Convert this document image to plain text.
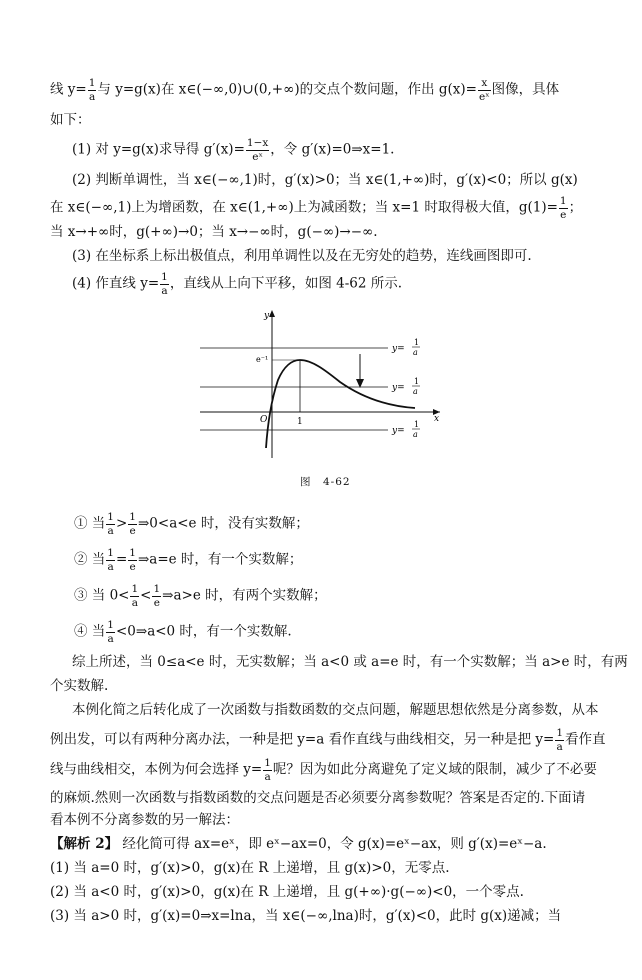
线 $y= \frac{1}{a}$ 与 y=g(x)在 x∈(−∞,0)∪(0,+∞)的交点个数问题，作出 $g(x)= \frac{x}{\text{eˣ}}$ 图像，具体
如下：
(1) 对 y=g(x)求导得 $g'(x)= \frac{1-x}{\text{eˣ}}$ ，令 g′(x)=0⇒x=1.
(2) 判断单调性，当 x∈(−∞,1)时，g′(x)>0；当 x∈(1,+∞)时，g′(x)<0；所以 g(x)
在 x∈(−∞,1)上为增函数，在 x∈(1,+∞)上为减函数；当 x=1 时取得极大值，$g(1)= \frac{1}{e}$ ；
当 x→+∞时，g(+∞)→0；当 x→−∞时，g(−∞)→−∞.
(3) 在坐标系上标出极值点，利用单调性以及在无穷处的趋势，连线画图即可.
(4) 作直线 $y= \frac{1}{a}$ ，直线从上向下平移，如图 4-62 所示.
y
x
O	1
e⁻¹
y=
1
a
y=
1
a
y=
1
a
图　4-62
① 当 $\frac{1}{a} > \frac{1}{e}$ ⇒0<a<e 时，没有实数解；
② 当 $\frac{1}{a} = \frac{1}{e}$ ⇒a=e 时，有一个实数解；
③ 当 $0< \frac{1}{a} < \frac{1}{e}$ ⇒a>e 时，有两个实数解；
④ 当 $\frac{1}{a}$ <0⇒a<0 时，有一个实数解.
综上所述，当 0≤a<e 时，无实数解；当 a<0 或 a=e 时，有一个实数解；当 a>e 时，有两
个实数解.
本例化简之后转化成了一次函数与指数函数的交点问题，解题思想依然是分离参数，从本
例出发，可以有两种分离办法，一种是把 y=a 看作直线与曲线相交，另一种是把 $y= \frac{1}{a}$ 看作直
线与曲线相交，本例为何会选择 $y= \frac{1}{a}$ 呢？因为如此分离避免了定义域的限制，减少了不必要
的麻烦.然则一次函数与指数函数的交点问题是否必须要分离参数呢？答案是否定的.下面请
看本例不分离参数的另一解法：
【解析 2】 经化简可得 ax=eˣ，即 eˣ−ax=0，令 g(x)=eˣ−ax，则 g′(x)=eˣ−a.
(1) 当 a=0 时，g′(x)>0，g(x)在 R 上递增，且 g(x)>0，无零点.
(2) 当 a<0 时，g′(x)>0，g(x)在 R 上递增，且 g(+∞)·g(−∞)<0，一个零点.
(3) 当 a>0 时，g′(x)=0⇒x=lna，当 x∈(−∞,lna)时，g′(x)<0，此时 g(x)递减；当
